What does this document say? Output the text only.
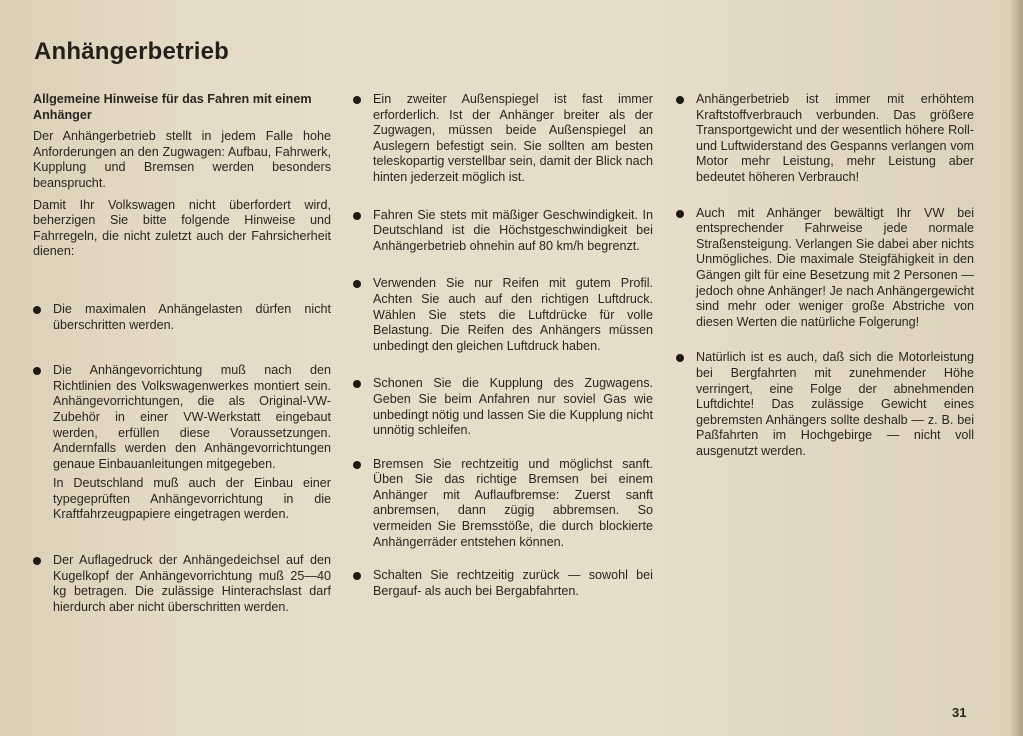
Anhängerbetrieb
Allgemeine Hinweise für das Fahren mit einem Anhänger

Der Anhängerbetrieb stellt in jedem Falle hohe Anforderungen an den Zugwagen: Aufbau, Fahrwerk, Kupplung und Bremsen werden besonders beansprucht.

Damit Ihr Volkswagen nicht überfordert wird, beherzigen Sie bitte folgende Hinweise und Fahrregeln, die nicht zuletzt auch der Fahrsicherheit dienen:

Die maximalen Anhängelasten dürfen nicht überschritten werden.

Die Anhängevorrichtung muß nach den Richtlinien des Volkswagenwerkes montiert sein. Anhängevorrichtungen, die als Original-VW-Zubehör in einer VW-Werkstatt eingebaut werden, erfüllen diese Voraussetzungen. Andernfalls werden den Anhängevorrichtungen genaue Einbauanleitungen mitgegeben.

In Deutschland muß auch der Einbau einer typegeprüften Anhängevorrichtung in die Kraftfahrzeugpapiere eingetragen werden.

Der Auflagedruck der Anhängedeichsel auf den Kugelkopf der Anhängevorrichtung muß 25—40 kg betragen. Die zulässige Hinterachslast darf hierdurch aber nicht überschritten werden.

Ein zweiter Außenspiegel ist fast immer erforderlich. Ist der Anhänger breiter als der Zugwagen, müssen beide Außenspiegel an Auslegern befestigt sein. Sie sollten am besten teleskopartig verstellbar sein, damit der Blick nach hinten jederzeit möglich ist.

Fahren Sie stets mit mäßiger Geschwindigkeit. In Deutschland ist die Höchstgeschwindigkeit bei Anhängerbetrieb ohnehin auf 80 km/h begrenzt.

Verwenden Sie nur Reifen mit gutem Profil. Achten Sie auch auf den richtigen Luftdruck. Wählen Sie stets die Luftdrücke für volle Belastung. Die Reifen des Anhängers müssen unbedingt den gleichen Luftdruck haben.

Schonen Sie die Kupplung des Zugwagens. Geben Sie beim Anfahren nur soviel Gas wie unbedingt nötig und lassen Sie die Kupplung nicht unnötig schleifen.

Bremsen Sie rechtzeitig und möglichst sanft. Üben Sie das richtige Bremsen bei einem Anhänger mit Auflaufbremse: Zuerst sanft anbremsen, dann zügig abbremsen. So vermeiden Sie Bremsstöße, die durch blockierte Anhängerräder entstehen können.

Schalten Sie rechtzeitig zurück — sowohl bei Bergauf- als auch bei Bergabfahrten.

Anhängerbetrieb ist immer mit erhöhtem Kraftstoffverbrauch verbunden. Das größere Transportgewicht und der wesentlich höhere Roll- und Luftwiderstand des Gespanns verlangen vom Motor mehr Leistung, mehr Leistung aber bedeutet höheren Verbrauch!

Auch mit Anhänger bewältigt Ihr VW bei entsprechender Fahrweise jede normale Straßensteigung. Verlangen Sie dabei aber nichts Unmögliches. Die maximale Steigfähigkeit in den Gängen gilt für eine Besetzung mit 2 Personen — jedoch ohne Anhänger! Je nach Anhängergewicht sind mehr oder weniger große Abstriche von diesen Werten die natürliche Folgerung!

Natürlich ist es auch, daß sich die Motorleistung bei Bergfahrten mit zunehmender Höhe verringert, eine Folge der abnehmenden Luftdichte! Das zulässige Gewicht eines gebremsten Anhängers sollte deshalb — z. B. bei Paßfahrten im Hochgebirge — nicht voll ausgenutzt werden.

31
